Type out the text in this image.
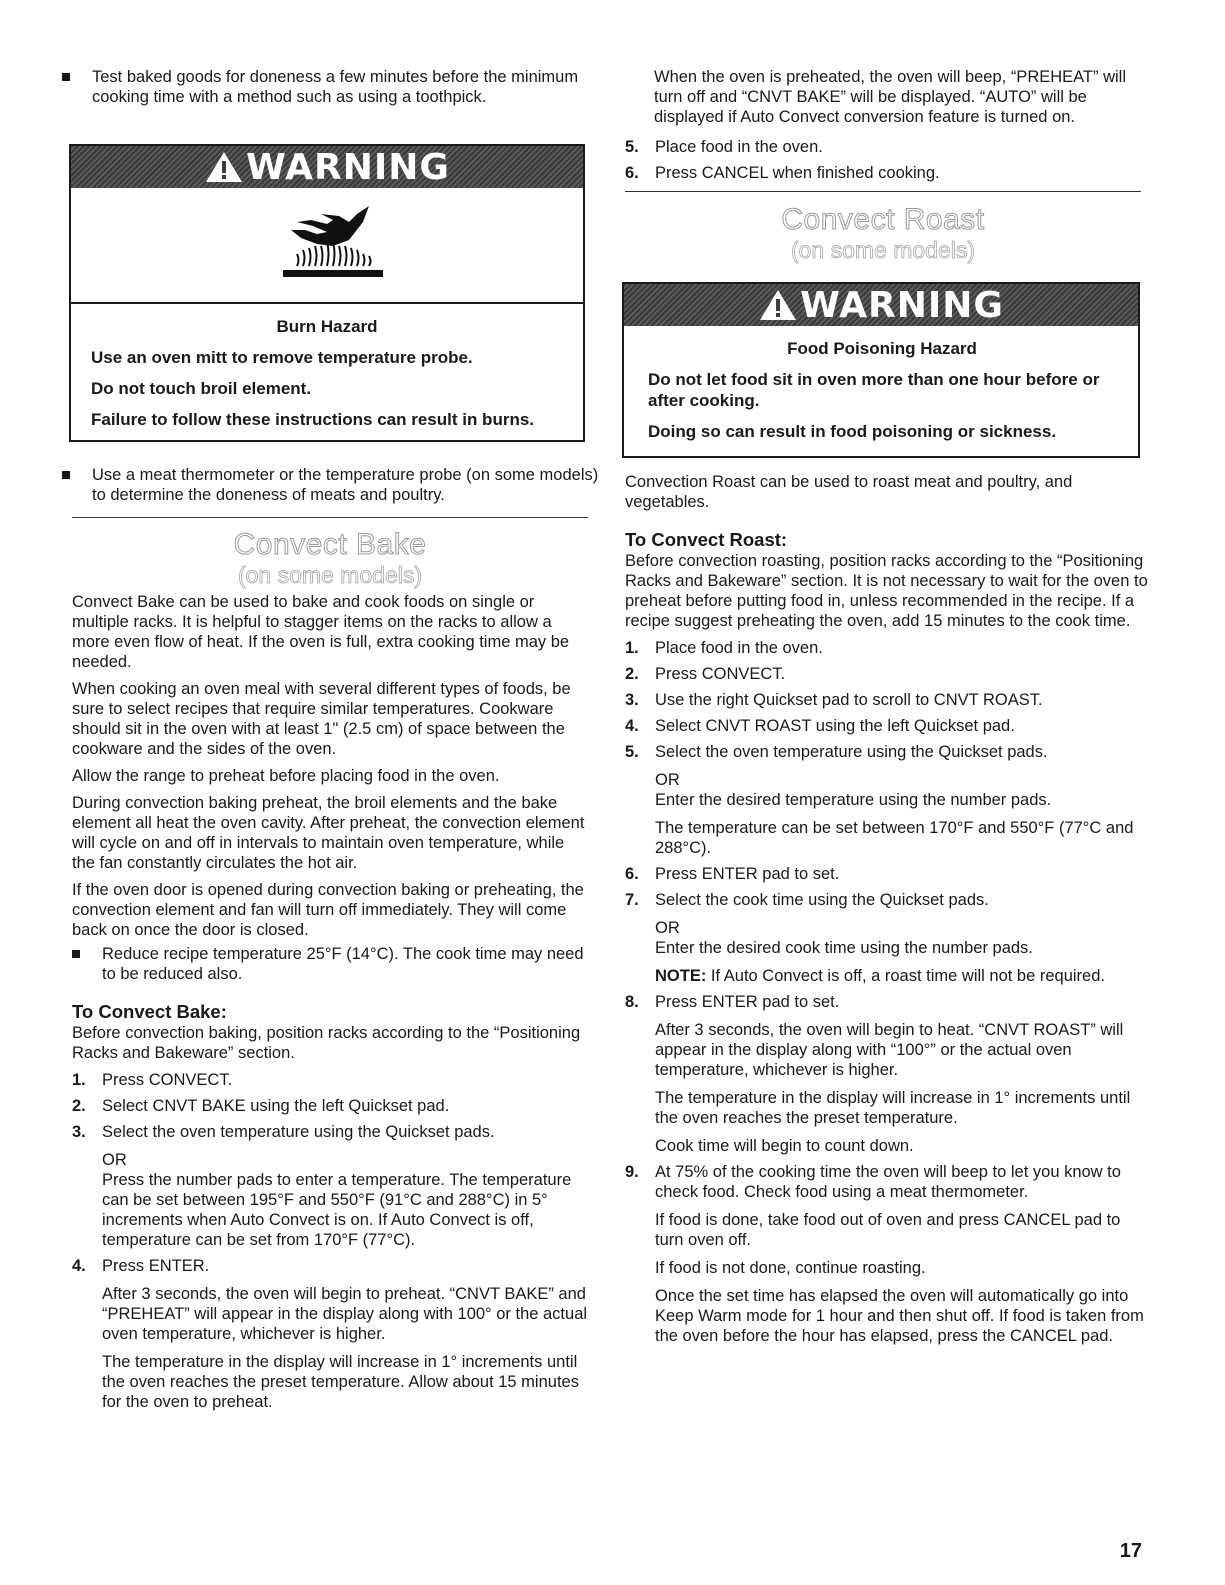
Test baked goods for doneness a few minutes before the minimum cooking time with a method such as using a toothpick.

WARNING

Burn Hazard

Use an oven mitt to remove temperature probe.

Do not touch broil element.

Failure to follow these instructions can result in burns.

Use a meat thermometer or the temperature probe (on some models) to determine the doneness of meats and poultry.

Convect Bake
(on some models)

Convect Bake can be used to bake and cook foods on single or multiple racks. It is helpful to stagger items on the racks to allow a more even flow of heat. If the oven is full, extra cooking time may be needed.

When cooking an oven meal with several different types of foods, be sure to select recipes that require similar temperatures. Cookware should sit in the oven with at least 1" (2.5 cm) of space between the cookware and the sides of the oven.

Allow the range to preheat before placing food in the oven.

During convection baking preheat, the broil elements and the bake element all heat the oven cavity. After preheat, the convection element will cycle on and off in intervals to maintain oven temperature, while the fan constantly circulates the hot air.

If the oven door is opened during convection baking or preheating, the convection element and fan will turn off immediately. They will come back on once the door is closed.

Reduce recipe temperature 25°F (14°C). The cook time may need to be reduced also.

To Convect Bake:

Before convection baking, position racks according to the “Positioning Racks and Bakeware” section.

1. Press CONVECT.
2. Select CNVT BAKE using the left Quickset pad.
3. Select the oven temperature using the Quickset pads.
OR
Press the number pads to enter a temperature. The temperature can be set between 195°F and 550°F (91°C and 288°C) in 5° increments when Auto Convect is on. If Auto Convect is off, temperature can be set from 170°F (77°C).
4. Press ENTER.
After 3 seconds, the oven will begin to preheat. “CNVT BAKE” and “PREHEAT” will appear in the display along with 100° or the actual oven temperature, whichever is higher.
The temperature in the display will increase in 1° increments until the oven reaches the preset temperature. Allow about 15 minutes for the oven to preheat.

When the oven is preheated, the oven will beep, “PREHEAT” will turn off and “CNVT BAKE” will be displayed. “AUTO” will be displayed if Auto Convect conversion feature is turned on.

5. Place food in the oven.
6. Press CANCEL when finished cooking.
Convect Roast
(on some models)
WARNING

Food Poisoning Hazard

Do not let food sit in oven more than one hour before or after cooking.

Doing so can result in food poisoning or sickness.

Convection Roast can be used to roast meat and poultry, and vegetables.

To Convect Roast:

Before convection roasting, position racks according to the “Positioning Racks and Bakeware” section. It is not necessary to wait for the oven to preheat before putting food in, unless recommended in the recipe. If a recipe suggest preheating the oven, add 15 minutes to the cook time.

1. Place food in the oven.
2. Press CONVECT.
3. Use the right Quickset pad to scroll to CNVT ROAST.
4. Select CNVT ROAST using the left Quickset pad.
5. Select the oven temperature using the Quickset pads.
OR
Enter the desired temperature using the number pads.
The temperature can be set between 170°F and 550°F (77°C and 288°C).
6. Press ENTER pad to set.
7. Select the cook time using the Quickset pads.
OR
Enter the desired cook time using the number pads.
NOTE: If Auto Convect is off, a roast time will not be required.
8. Press ENTER pad to set.
After 3 seconds, the oven will begin to heat. “CNVT ROAST” will appear in the display along with “100°” or the actual oven temperature, whichever is higher.
The temperature in the display will increase in 1° increments until the oven reaches the preset temperature.
Cook time will begin to count down.
9. At 75% of the cooking time the oven will beep to let you know to check food. Check food using a meat thermometer.
If food is done, take food out of oven and press CANCEL pad to turn oven off.
If food is not done, continue roasting.
Once the set time has elapsed the oven will automatically go into Keep Warm mode for 1 hour and then shut off. If food is taken from the oven before the hour has elapsed, press the CANCEL pad.
17
